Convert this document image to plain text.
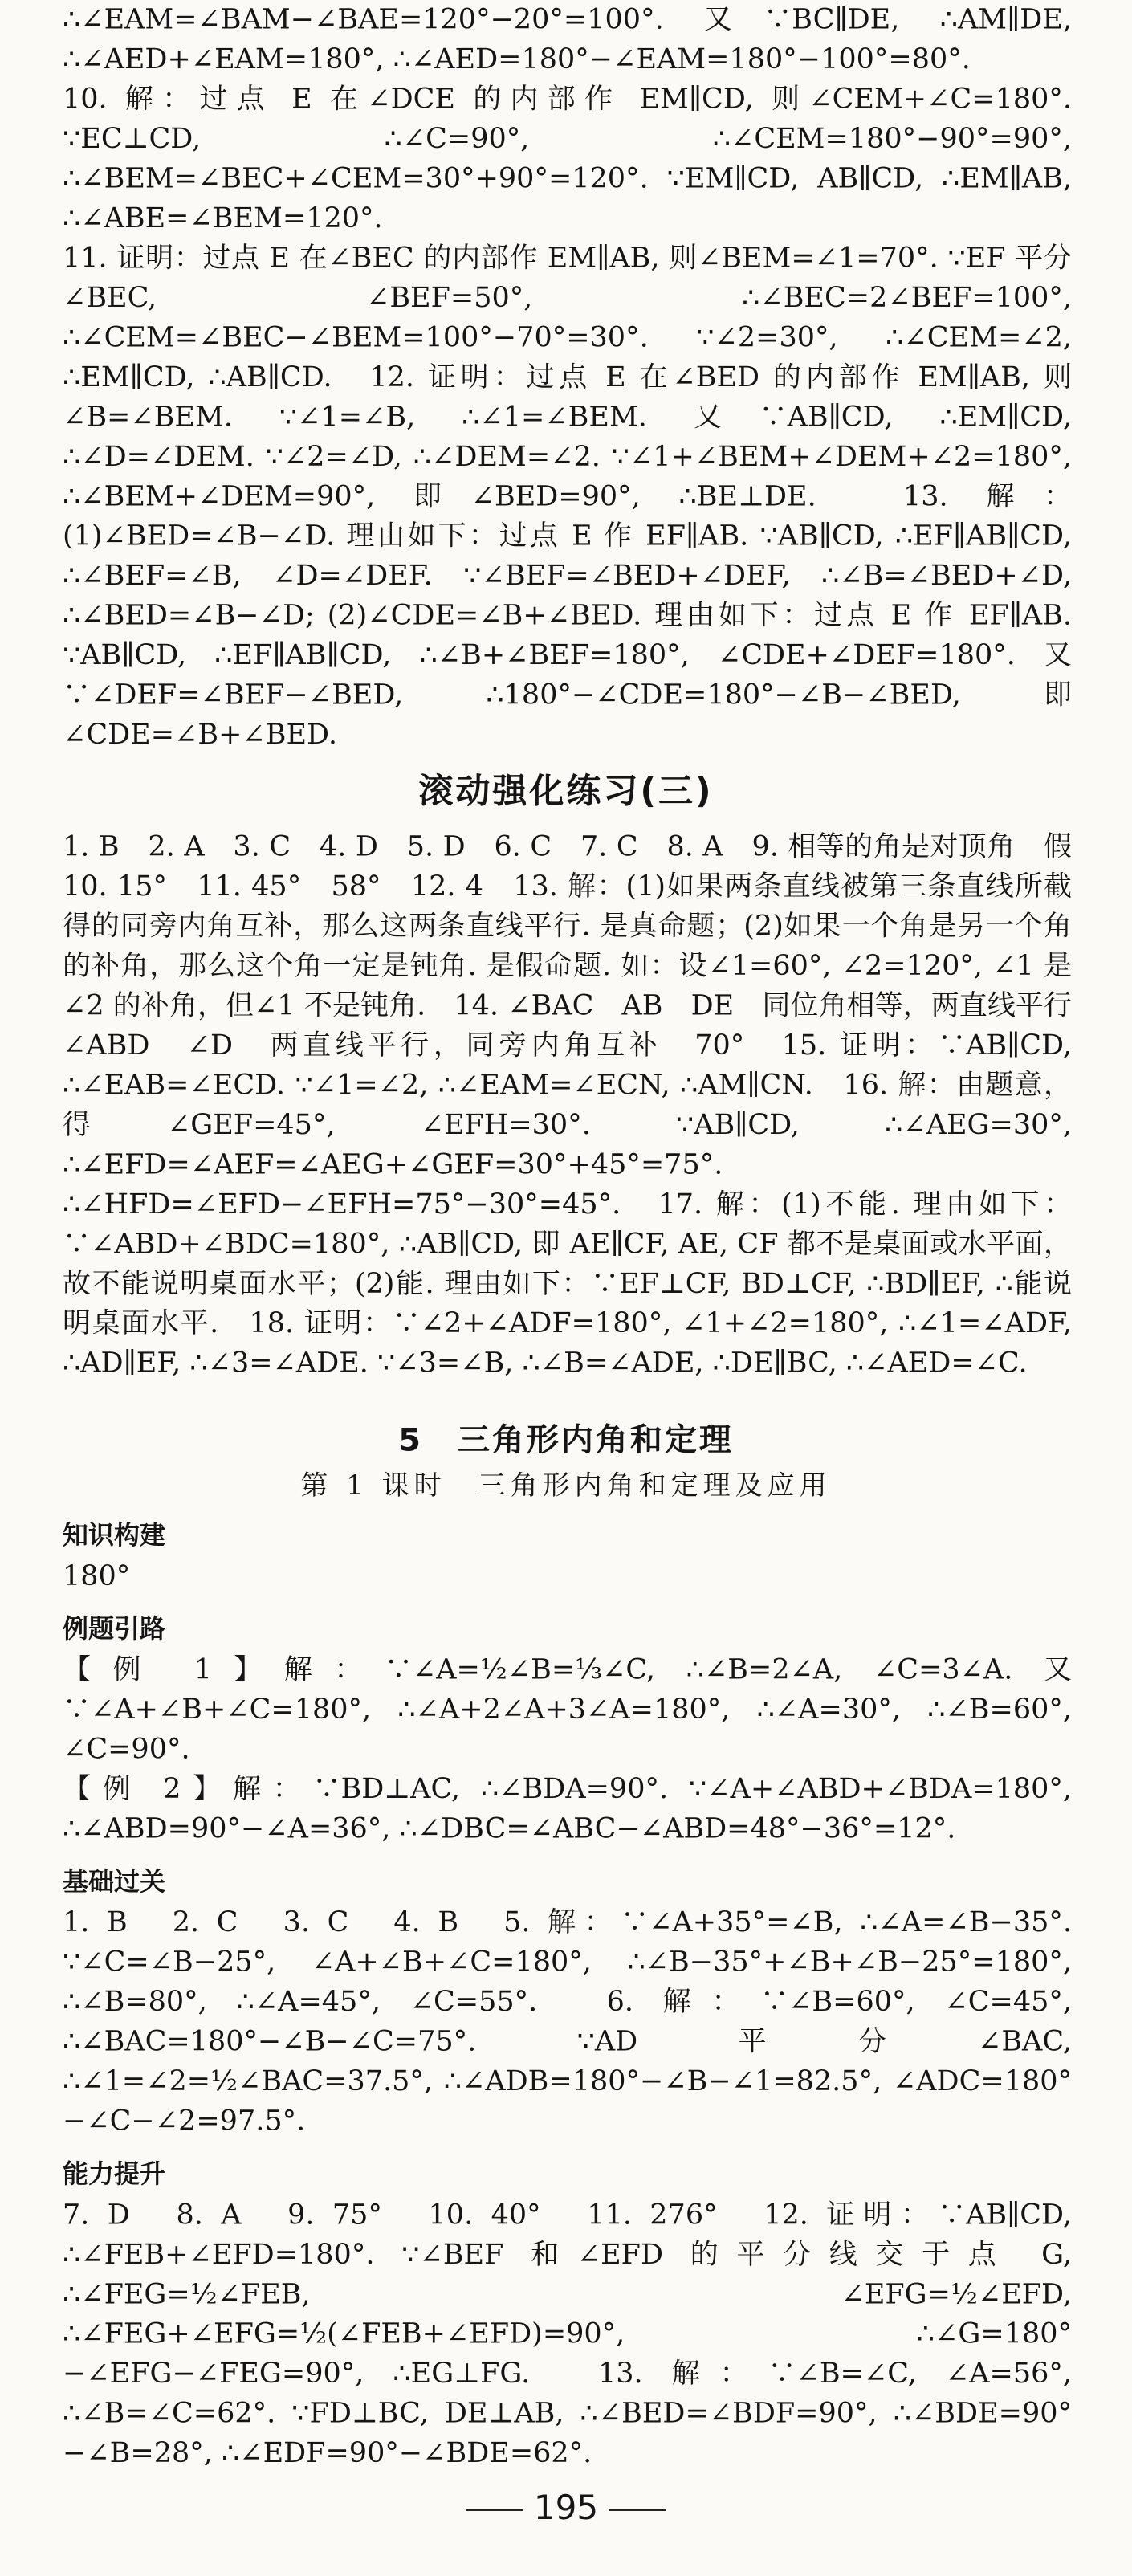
∴∠EAM=∠BAM−∠BAE=120°−20°=100°. 又∵BC∥DE, ∴AM∥DE, ∴∠AED+∠EAM=180°, ∴∠AED=180°−∠EAM=180°−100°=80°.

10. 解：过点 E 在∠DCE 的内部作 EM∥CD, 则∠CEM+∠C=180°. ∵EC⊥CD, ∴∠C=90°, ∴∠CEM=180°−90°=90°, ∴∠BEM=∠BEC+∠CEM=30°+90°=120°. ∵EM∥CD, AB∥CD, ∴EM∥AB, ∴∠ABE=∠BEM=120°.

11. 证明：过点 E 在∠BEC 的内部作 EM∥AB, 则∠BEM=∠1=70°. ∵EF 平分∠BEC, ∠BEF=50°, ∴∠BEC=2∠BEF=100°, ∴∠CEM=∠BEC−∠BEM=100°−70°=30°. ∵∠2=30°, ∴∠CEM=∠2, ∴EM∥CD, ∴AB∥CD.　12. 证明：过点 E 在∠BED 的内部作 EM∥AB, 则∠B=∠BEM. ∵∠1=∠B, ∴∠1=∠BEM. 又∵AB∥CD, ∴EM∥CD, ∴∠D=∠DEM. ∵∠2=∠D, ∴∠DEM=∠2. ∵∠1+∠BEM+∠DEM+∠2=180°, ∴∠BEM+∠DEM=90°, 即∠BED=90°, ∴BE⊥DE.　13. 解：(1)∠BED=∠B−∠D. 理由如下：过点 E 作 EF∥AB. ∵AB∥CD, ∴EF∥AB∥CD, ∴∠BEF=∠B, ∠D=∠DEF. ∵∠BEF=∠BED+∠DEF, ∴∠B=∠BED+∠D, ∴∠BED=∠B−∠D; (2)∠CDE=∠B+∠BED. 理由如下：过点 E 作 EF∥AB. ∵AB∥CD, ∴EF∥AB∥CD, ∴∠B+∠BEF=180°, ∠CDE+∠DEF=180°. 又∵∠DEF=∠BEF−∠BED, ∴180°−∠CDE=180°−∠B−∠BED, 即∠CDE=∠B+∠BED.

滚动强化练习(三)

1. B　2. A　3. C　4. D　5. D　6. C　7. C　8. A　9. 相等的角是对顶角　假　10. 15°　11. 45°　58°　12. 4　13. 解：(1)如果两条直线被第三条直线所截得的同旁内角互补，那么这两条直线平行. 是真命题；(2)如果一个角是另一个角的补角，那么这个角一定是钝角. 是假命题. 如：设∠1=60°, ∠2=120°, ∠1 是∠2 的补角，但∠1 不是钝角.　14. ∠BAC　AB　DE　同位角相等，两直线平行　∠ABD　∠D　两直线平行，同旁内角互补　70°　15. 证明：∵AB∥CD, ∴∠EAB=∠ECD. ∵∠1=∠2, ∴∠EAM=∠ECN, ∴AM∥CN.　16. 解：由题意，得∠GEF=45°, ∠EFH=30°. ∵AB∥CD, ∴∠AEG=30°, ∴∠EFD=∠AEF=∠AEG+∠GEF=30°+45°=75°. ∴∠HFD=∠EFD−∠EFH=75°−30°=45°.　17. 解：(1)不能. 理由如下：∵∠ABD+∠BDC=180°, ∴AB∥CD, 即 AE∥CF, AE, CF 都不是桌面或水平面，故不能说明桌面水平；(2)能. 理由如下：∵EF⊥CF, BD⊥CF, ∴BD∥EF, ∴能说明桌面水平.　18. 证明：∵∠2+∠ADF=180°, ∠1+∠2=180°, ∴∠1=∠ADF, ∴AD∥EF, ∴∠3=∠ADE. ∵∠3=∠B, ∴∠B=∠ADE, ∴DE∥BC, ∴∠AED=∠C.

5　三角形内角和定理
第 1 课时　三角形内角和定理及应用
知识构建

180°

例题引路

【例 1】解：∵∠A=½∠B=⅓∠C, ∴∠B=2∠A, ∠C=3∠A. 又∵∠A+∠B+∠C=180°, ∴∠A+2∠A+3∠A=180°, ∴∠A=30°, ∴∠B=60°, ∠C=90°.

【例 2】解：∵BD⊥AC, ∴∠BDA=90°. ∵∠A+∠ABD+∠BDA=180°, ∴∠ABD=90°−∠A=36°, ∴∠DBC=∠ABC−∠ABD=48°−36°=12°.

基础过关

1. B　2. C　3. C　4. B　5. 解：∵∠A+35°=∠B, ∴∠A=∠B−35°. ∵∠C=∠B−25°, ∠A+∠B+∠C=180°, ∴∠B−35°+∠B+∠B−25°=180°, ∴∠B=80°, ∴∠A=45°, ∠C=55°.　6. 解：∵∠B=60°, ∠C=45°, ∴∠BAC=180°−∠B−∠C=75°. ∵AD 平分∠BAC, ∴∠1=∠2=½∠BAC=37.5°, ∴∠ADB=180°−∠B−∠1=82.5°, ∠ADC=180°−∠C−∠2=97.5°.

能力提升

7. D　8. A　9. 75°　10. 40°　11. 276°　12. 证明：∵AB∥CD, ∴∠FEB+∠EFD=180°. ∵∠BEF 和∠EFD 的平分线交于点 G, ∴∠FEG=½∠FEB, ∠EFG=½∠EFD, ∴∠FEG+∠EFG=½(∠FEB+∠EFD)=90°, ∴∠G=180°−∠EFG−∠FEG=90°, ∴EG⊥FG.　13. 解：∵∠B=∠C, ∠A=56°, ∴∠B=∠C=62°. ∵FD⊥BC, DE⊥AB, ∴∠BED=∠BDF=90°, ∴∠BDE=90°−∠B=28°, ∴∠EDF=90°−∠BDE=62°.

195
